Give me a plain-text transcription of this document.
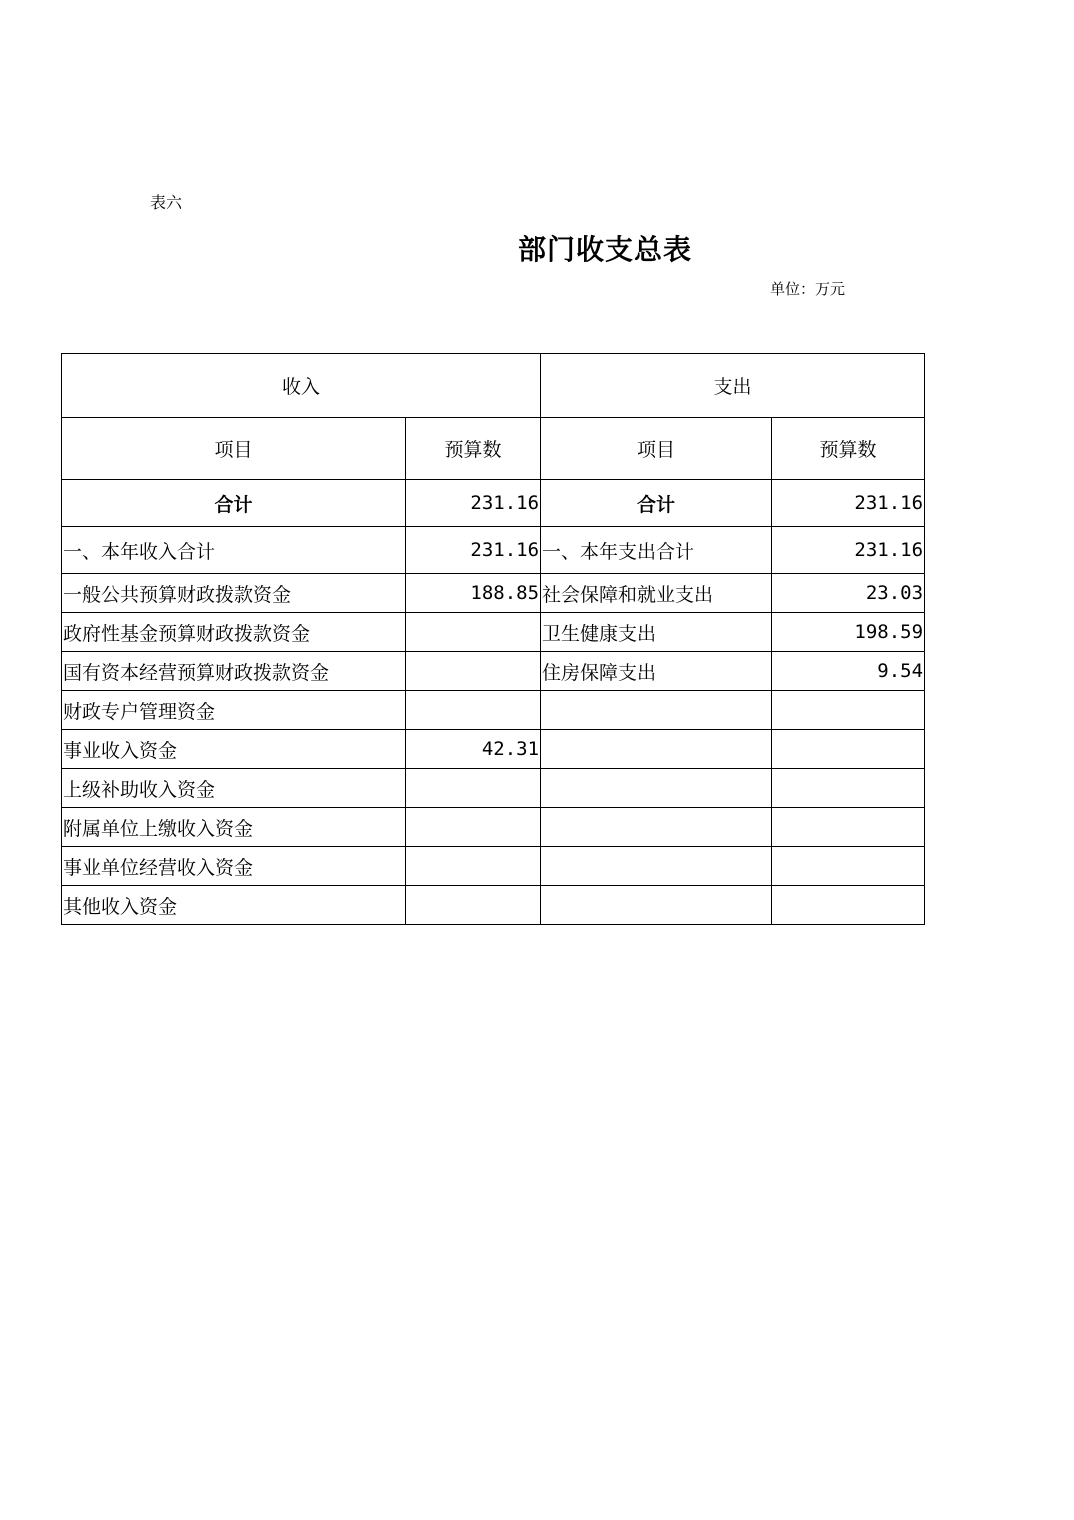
表六
部门收支总表
单位：万元
收入		支出	
项目	预算数	项目	预算数
合计	231.16	合计	231.16
一、本年收入合计	231.16	一、本年支出合计	231.16
一般公共预算财政拨款资金	188.85	社会保障和就业支出	23.03
政府性基金预算财政拨款资金		卫生健康支出	198.59
国有资本经营预算财政拨款资金		住房保障支出	9.54
财政专户管理资金			
事业收入资金	42.31		
上级补助收入资金			
附属单位上缴收入资金			
事业单位经营收入资金			
其他收入资金			
